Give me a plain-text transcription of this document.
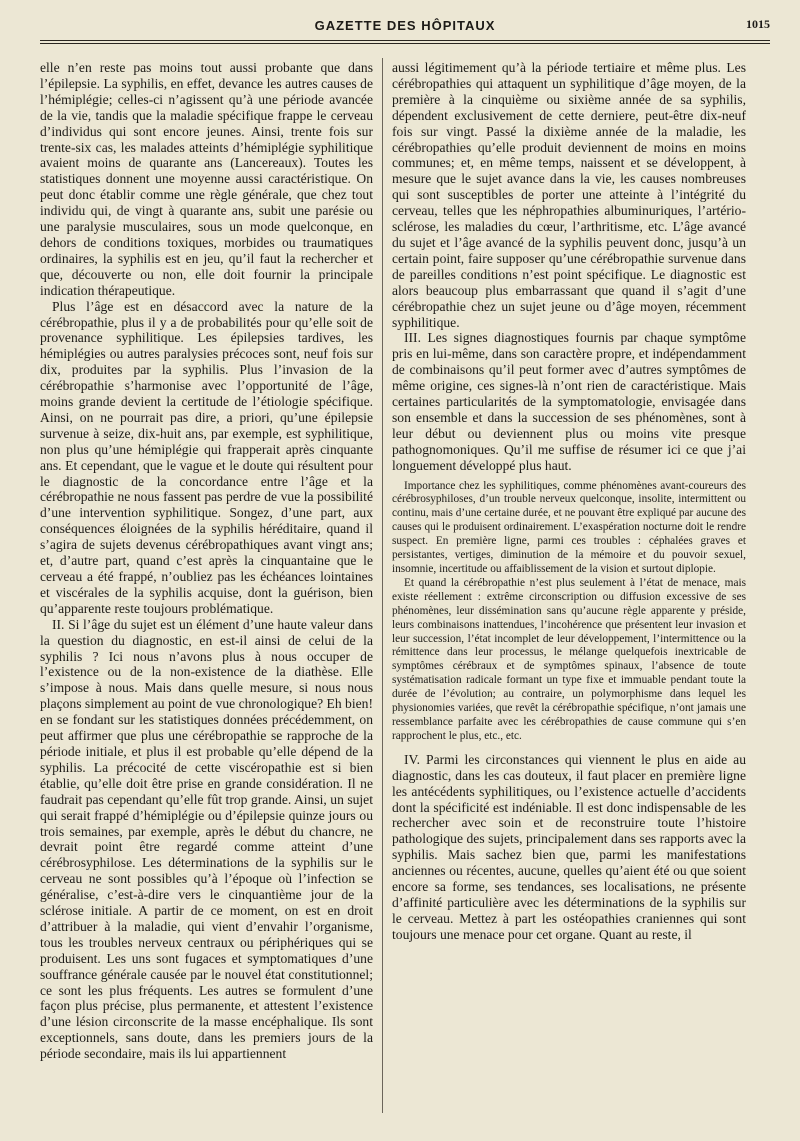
GAZETTE DES HÔPITAUX	1015

elle n’en reste pas moins tout aussi probante que dans l’épilepsie. La syphilis, en effet, devance les autres causes de l’hémiplégie; celles-ci n’agissent qu’à une période avancée de la vie, tandis que la maladie spécifique frappe le cerveau d’individus qui sont encore jeunes. Ainsi, trente fois sur trente-six cas, les malades atteints d’hémiplégie syphilitique avaient moins de quarante ans (Lancereaux). Toutes les statistiques donnent une moyenne aussi caractéristique. On peut donc établir comme une règle générale, que chez tout individu qui, de vingt à quarante ans, subit une parésie ou une paralysie musculaires, sous un mode quelconque, en dehors de conditions toxiques, morbides ou traumatiques ordinaires, la syphilis est en jeu, qu’il faut la rechercher et que, découverte ou non, elle doit fournir la principale indication thérapeutique.

Plus l’âge est en désaccord avec la nature de la cérébropathie, plus il y a de probabilités pour qu’elle soit de provenance syphilitique. Les épilepsies tardives, les hémiplégies ou autres paralysies précoces sont, neuf fois sur dix, produites par la syphilis. Plus l’invasion de la cérébropathie s’harmonise avec l’opportunité de l’âge, moins grande devient la certitude de l’étiologie spécifique. Ainsi, on ne pourrait pas dire, a priori, qu’une épilepsie survenue à seize, dix-huit ans, par exemple, est syphilitique, non plus qu’une hémiplégie qui frapperait après cinquante ans. Et cependant, que le vague et le doute qui résultent pour le diagnostic de la concordance entre l’âge et la cérébropathie ne nous fassent pas perdre de vue la possibilité d’une intervention syphilitique. Songez, d’une part, aux conséquences éloignées de la syphilis héréditaire, quand il s’agira de sujets devenus cérébropathiques avant vingt ans; et, d’autre part, quand c’est après la cinquantaine que le cerveau a été frappé, n’oubliez pas les échéances lointaines et viscérales de la syphilis acquise, dont la guérison, bien qu’apparente reste toujours problématique.

II. Si l’âge du sujet est un élément d’une haute valeur dans la question du diagnostic, en est-il ainsi de celui de la syphilis ? Ici nous n’avons plus à nous occuper de l’existence ou de la non-existence de la diathèse. Elle s’impose à nous. Mais dans quelle mesure, si nous nous plaçons simplement au point de vue chronologique? Eh bien! en se fondant sur les statistiques données précédemment, on peut affirmer que plus une cérébropathie se rapproche de la période initiale, et plus il est probable qu’elle dépend de la syphilis. La précocité de cette viscéropathie est si bien établie, qu’elle doit être prise en grande considération. Il ne faudrait pas cependant qu’elle fût trop grande. Ainsi, un sujet qui serait frappé d’hémiplégie ou d’épilepsie quinze jours ou trois semaines, par exemple, après le début du chancre, ne devrait point être regardé comme atteint d’une cérébrosyphilose. Les déterminations de la syphilis sur le cerveau ne sont possibles qu’à l’époque où l’infection se généralise, c’est-à-dire vers le cinquantième jour de la sclérose initiale. A partir de ce moment, on est en droit d’attribuer à la maladie, qui vient d’envahir l’organisme, tous les troubles nerveux centraux ou périphériques qui se produisent. Les uns sont fugaces et symptomatiques d’une souffrance générale causée par le nouvel état constitutionnel; ce sont les plus fréquents. Les autres se formulent d’une façon plus précise, plus permanente, et attestent l’existence d’une lésion circonscrite de la masse encéphalique. Ils sont exceptionnels, sans doute, dans les premiers jours de la période secondaire, mais ils lui appartiennent

aussi légitimement qu’à la période tertiaire et même plus. Les cérébropathies qui attaquent un syphilitique d’âge moyen, de la première à la cinquième ou sixième année de sa syphilis, dépendent exclusivement de cette derniere, peut-être dix-neuf fois sur vingt. Passé la dixième année de la maladie, les cérébropathies qu’elle produit deviennent de moins en moins communes; et, en même temps, naissent et se développent, à mesure que le sujet avance dans la vie, les causes nombreuses qui sont susceptibles de porter une atteinte à l’intégrité du cerveau, telles que les néphropathies albuminuriques, l’artério-sclérose, les maladies du cœur, l’arthritisme, etc. L’âge avancé du sujet et l’âge avancé de la syphilis peuvent donc, jusqu’à un certain point, faire supposer qu’une cérébropathie survenue dans de pareilles conditions n’est point spécifique. Le diagnostic est alors beaucoup plus embarrassant que quand il s’agit d’une cérébropathie chez un sujet jeune ou d’âge moyen, récemment syphilitique.

III. Les signes diagnostiques fournis par chaque symptôme pris en lui-même, dans son caractère propre, et indépendamment de combinaisons qu’il peut former avec d’autres symptômes de même origine, ces signes-là n’ont rien de caractéristique. Mais certaines particularités de la symptomatologie, envisagée dans son ensemble et dans la succession de ses phénomènes, sont à leur début ou deviennent plus ou moins vite presque pathognomoniques. Qu’il me suffise de résumer ici ce que j’ai longuement développé plus haut.

Importance chez les syphilitiques, comme phénomènes avant-coureurs des cérébrosyphiloses, d’un trouble nerveux quelconque, insolite, intermittent ou continu, mais d’une certaine durée, et ne pouvant être expliqué par aucune des causes qui le produisent ordinairement. L’exaspération nocturne doit le rendre suspect. En première ligne, parmi ces troubles : céphalées graves et persistantes, vertiges, diminution de la mémoire et du pouvoir sexuel, insomnie, incertitude ou affaiblissement de la vision et surtout diplopie.

Et quand la cérébropathie n’est plus seulement à l’état de menace, mais existe réellement : extrême circonscription ou diffusion excessive de ses phénomènes, leur dissémination sans qu’aucune règle apparente y préside, leurs combinaisons inattendues, l’incohérence que présentent leur invasion et leur succession, l’état incomplet de leur développement, l’intermittence ou la rémittence dans leur processus, le mélange quelquefois inextricable de symptômes cérébraux et de symptômes spinaux, l’absence de toute systématisation radicale formant un type fixe et immuable pendant toute la durée de l’évolution; au contraire, un polymorphisme dans lequel les physionomies variées, que revêt la cérébropathie spécifique, n’ont jamais une ressemblance parfaite avec les cérébropathies de cause commune qui s’en rapprochent le plus, etc., etc.

IV. Parmi les circonstances qui viennent le plus en aide au diagnostic, dans les cas douteux, il faut placer en première ligne les antécédents syphilitiques, ou l’existence actuelle d’accidents dont la spécificité est indéniable. Il est donc indispensable de les rechercher avec soin et de reconstruire toute l’histoire pathologique des sujets, principalement dans ses rapports avec la syphilis. Mais sachez bien que, parmi les manifestations anciennes ou récentes, aucune, quelles qu’aient été ou que soient encore sa forme, ses tendances, ses localisations, ne présente d’affinité particulière avec les déterminations de la syphilis sur le cerveau. Mettez à part les ostéopathies craniennes qui sont toujours une menace pour cet organe. Quant au reste, il
